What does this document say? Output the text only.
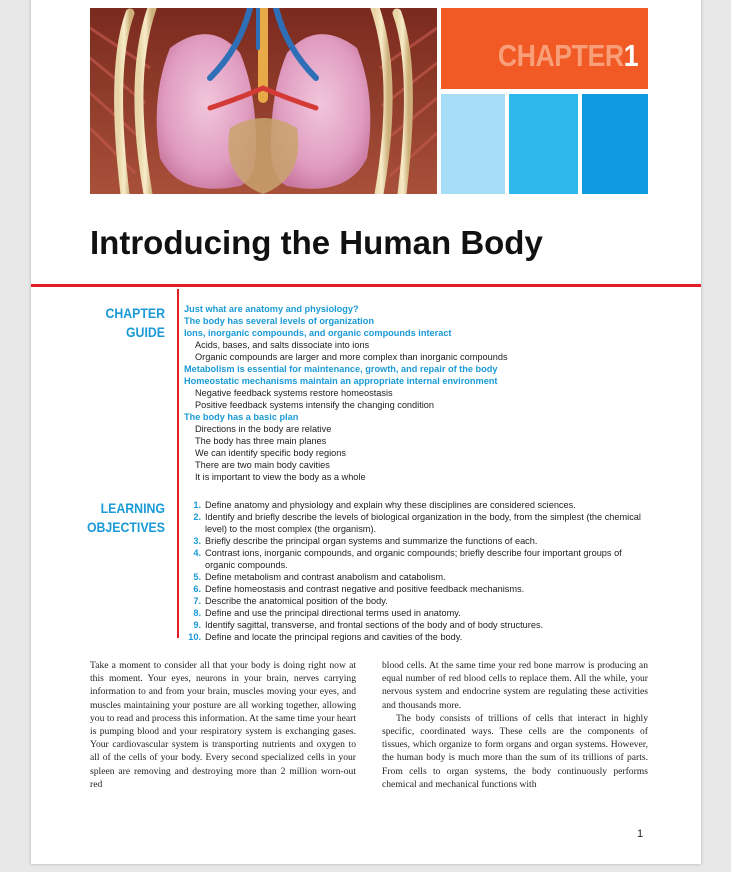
CHAPTER1
Introducing the Human Body
CHAPTER
GUIDE
Just what are anatomy and physiology?
The body has several levels of organization
Ions, inorganic compounds, and organic compounds interact
Acids, bases, and salts dissociate into ions
Organic compounds are larger and more complex than inorganic compounds
Metabolism is essential for maintenance, growth, and repair of the body
Homeostatic mechanisms maintain an appropriate internal environment
Negative feedback systems restore homeostasis
Positive feedback systems intensify the changing condition
The body has a basic plan
Directions in the body are relative
The body has three main planes
We can identify specific body regions
There are two main body cavities
It is important to view the body as a whole
LEARNING
OBJECTIVES
1. Define anatomy and physiology and explain why these disciplines are considered sciences.
2. Identify and briefly describe the levels of biological organization in the body, from the simplest (the chemical level) to the most complex (the organism).
3. Briefly describe the principal organ systems and summarize the functions of each.
4. Contrast ions, inorganic compounds, and organic compounds; briefly describe four important groups of organic compounds.
5. Define metabolism and contrast anabolism and catabolism.
6. Define homeostasis and contrast negative and positive feedback mechanisms.
7. Describe the anatomical position of the body.
8. Define and use the principal directional terms used in anatomy.
9. Identify sagittal, transverse, and frontal sections of the body and of body structures.
10. Define and locate the principal regions and cavities of the body.

Take a moment to consider all that your body is doing right now at this moment. Your eyes, neurons in your brain, nerves carrying information to and from your brain, muscles moving your eyes, and muscles maintaining your posture are all working together, allowing you to read and process this information. At the same time your heart is pumping blood and your respiratory system is exchanging gases. Your cardiovascular system is transporting nutrients and oxygen to all of the cells of your body. Every second specialized cells in your spleen are removing and destroying more than 2 million worn-out red

blood cells. At the same time your red bone marrow is producing an equal number of red blood cells to replace them. All the while, your nervous system and endocrine system are regulating these activities and thousands more.

The body consists of trillions of cells that interact in highly specific, coordinated ways. These cells are the components of tissues, which organize to form organs and organ systems. However, the human body is much more than the sum of its trillions of parts. From cells to organ systems, the body continuously performs chemical and mechanical functions with

1
